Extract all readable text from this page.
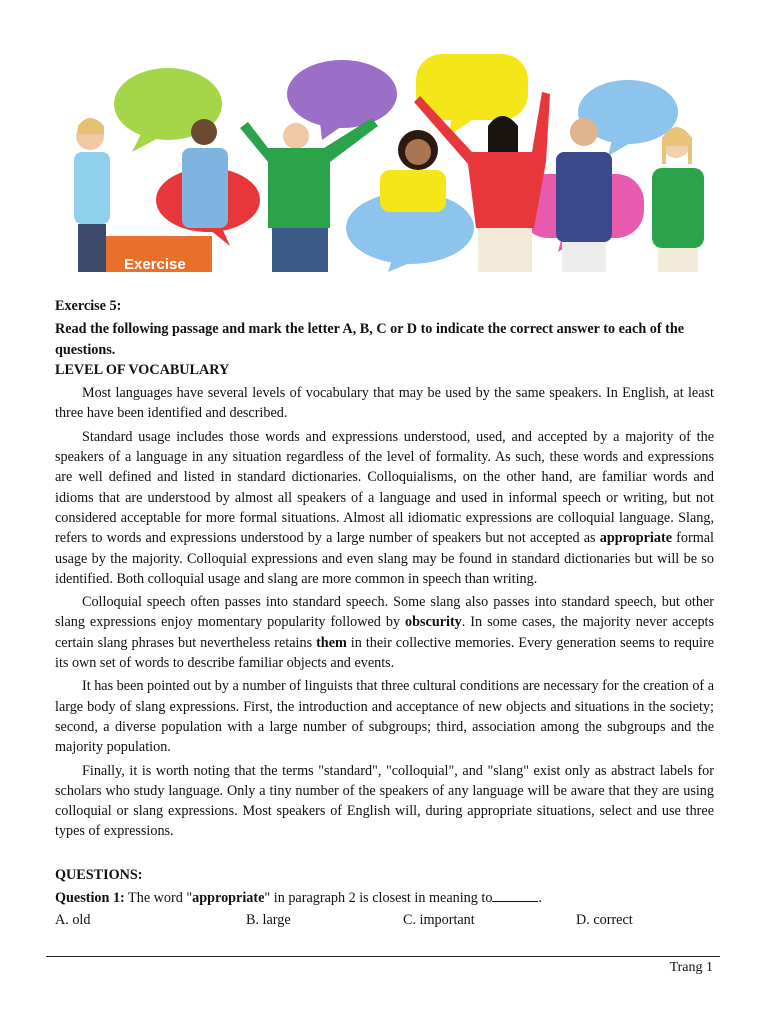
Exercise

Exercise 5:

Read the following passage and mark the letter A, B, C or D to indicate the correct answer to each of the questions.

LEVEL OF VOCABULARY

Most languages have several levels of vocabulary that may be used by the same speakers. In English, at least three have been identified and described.

Standard usage includes those words and expressions understood, used, and accepted by a majority of the speakers of a language in any situation regardless of the level of formality. As such, these words and expressions are well defined and listed in standard dictionaries. Colloquialisms, on the other hand, are familiar words and idioms that are understood by almost all speakers of a language and used in informal speech or writing, but not considered acceptable for more formal situations. Almost all idiomatic expressions are colloquial language. Slang, refers to words and expressions understood by a large number of speakers but not accepted as appropriate formal usage by the majority. Colloquial expressions and even slang may be found in standard dictionaries but will be so identified. Both colloquial usage and slang are more common in speech than writing.

Colloquial speech often passes into standard speech. Some slang also passes into standard speech, but other slang expressions enjoy momentary popularity followed by obscurity. In some cases, the majority never accepts certain slang phrases but nevertheless retains them in their collective memories. Every generation seems to require its own set of words to describe familiar objects and events.

It has been pointed out by a number of linguists that three cultural conditions are necessary for the creation of a large body of slang expressions. First, the introduction and acceptance of new objects and situations in the society; second, a diverse population with a large number of subgroups; third, association among the subgroups and the majority population.

Finally, it is worth noting that the terms "standard", "colloquial", and "slang" exist only as abstract labels for scholars who study language. Only a tiny number of the speakers of any language will be aware that they are using colloquial or slang expressions. Most speakers of English will, during appropriate situations, select and use three types of expressions.

QUESTIONS:

Question 1: The word "appropriate" in paragraph 2 is closest in meaning to	.

A. old	B. large	C. important	D. correct
Trang 1
